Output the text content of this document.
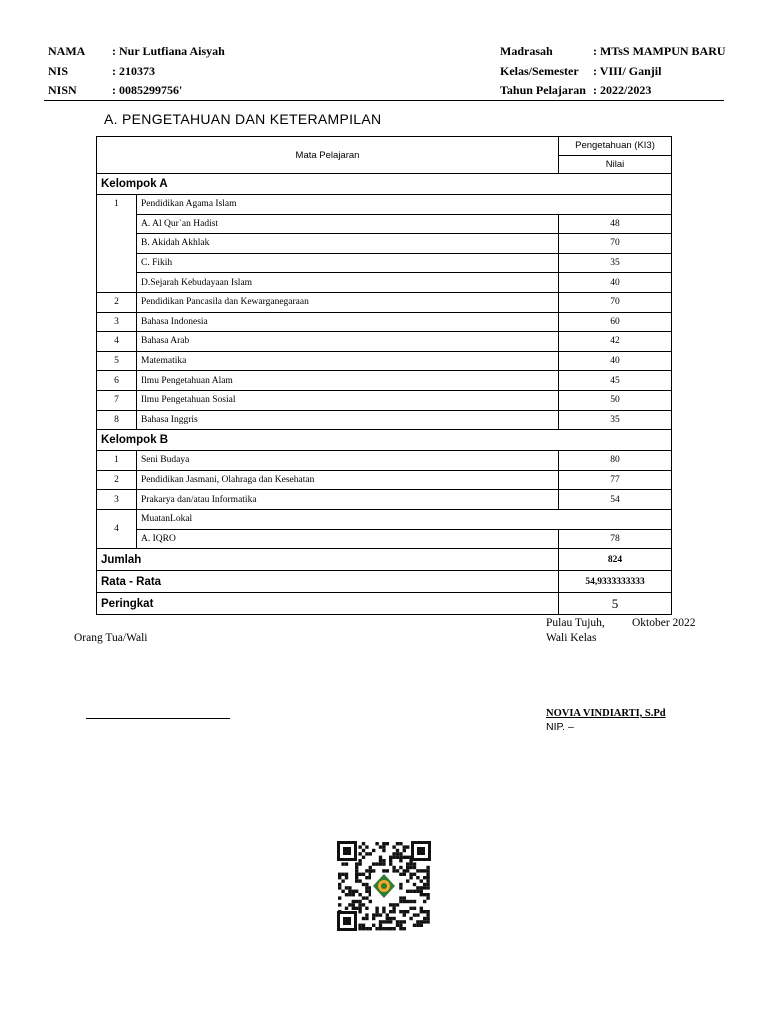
NAMA : Nur Lutfiana Aisyah
NIS	: 210373
NISN	: 0085299756'
Madrasah	: MTsS MAMPUN BARU
Kelas/Semester : VIII/ Ganjil
Tahun Pelajaran : 2022/2023
A. PENGETAHUAN DAN KETERAMPILAN
Mata Pelajaran		Pengetahuan (KI3)
		Nilai
Kelompok A		
1	Pendidikan Agama Islam	
	A. Al Qur`an Hadist	48
	B. Akidah Akhlak	70
	C. Fikih	35
	D.Sejarah Kebudayaan Islam	40
2	Pendidikan Pancasila dan Kewarganegaraan	70
3	Bahasa Indonesia	60
4	Bahasa Arab	42
5	Matematika	40
6	Ilmu Pengetahuan Alam	45
7	Ilmu Pengetahuan Sosial	50
8	Bahasa Inggris	35
Kelompok B		
1	Seni Budaya	80
2	Pendidikan Jasmani, Olahraga dan Kesehatan	77
3	Prakarya dan/atau Informatika	54
4	MuatanLokal	
	A. IQRO	78
Jumlah		824
Rata - Rata		54,9333333333
Peringkat		5
Pulau Tujuh, Oktober 2022
Orang Tua/Wali	Wali Kelas
NOVIA VINDIARTI, S.Pd
NIP. –
